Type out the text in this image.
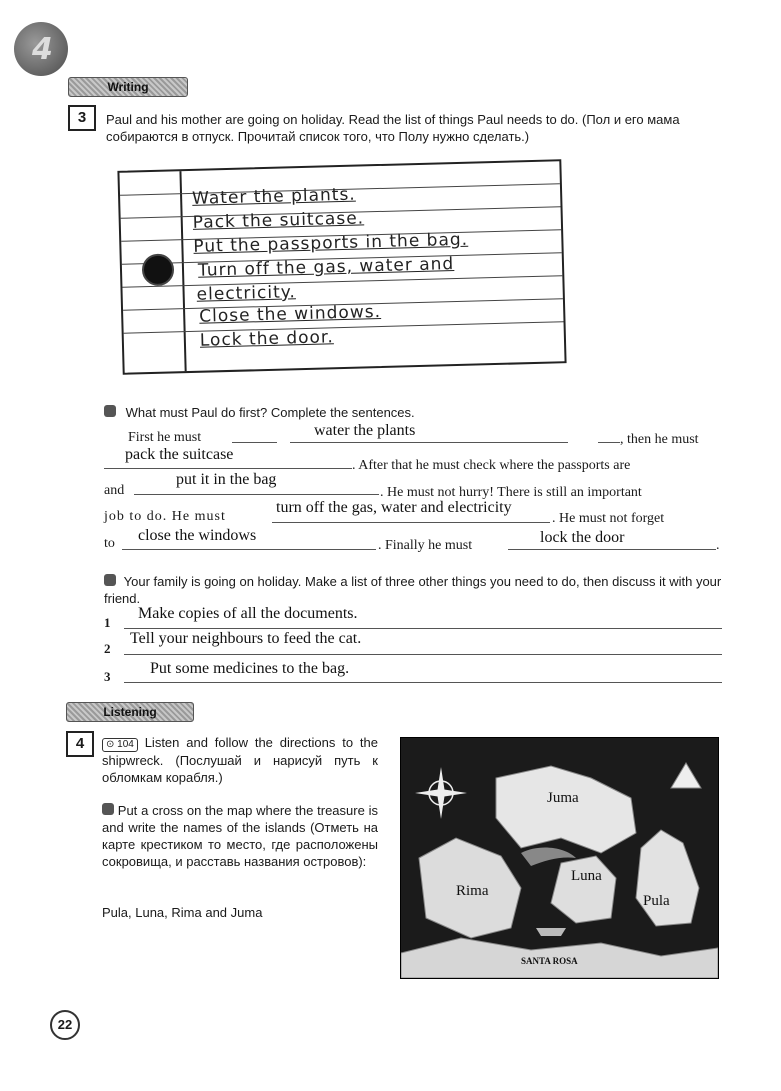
4
Writing
3	Paul and his mother are going on holiday. Read the list of things Paul needs to do. (Пол и его мама собираются в отпуск. Прочитай список того, что Полу нужно сделать.)
Water the plants.
Pack the suitcase.
Put the passports in the bag.
Turn off the gas, water and
electricity.
Close the windows.
Lock the door.
What must Paul do first? Complete the sentences.
First he must	water the plants
, then he must
pack the suitcase
. After that he must check where the passports are
and
put it in the bag
. He must not hurry! There is still an important
job to do. He must
turn off the gas, water and electricity
. He must not forget
to close the windows
. Finally he must	lock the door	.
Your family is going on holiday. Make a list of three other things you need to do, then discuss it with your friend.
1
Make copies of all the documents.
2
Tell your neighbours to feed the cat.
3 Put some medicines to the bag.
Listening
4	⊙ 104 Listen and follow the directions to the shipwreck. (Послушай и нарисуй путь к обломкам корабля.)
Put a cross on the map where the treasure is and write the names of the islands (Отметь на карте крестиком то место, где расположены сокровища, и расставь названия островов):
Pula, Luna, Rima and Juma
Juma
Rima
Luna
Pula
SANTA ROSA
22
